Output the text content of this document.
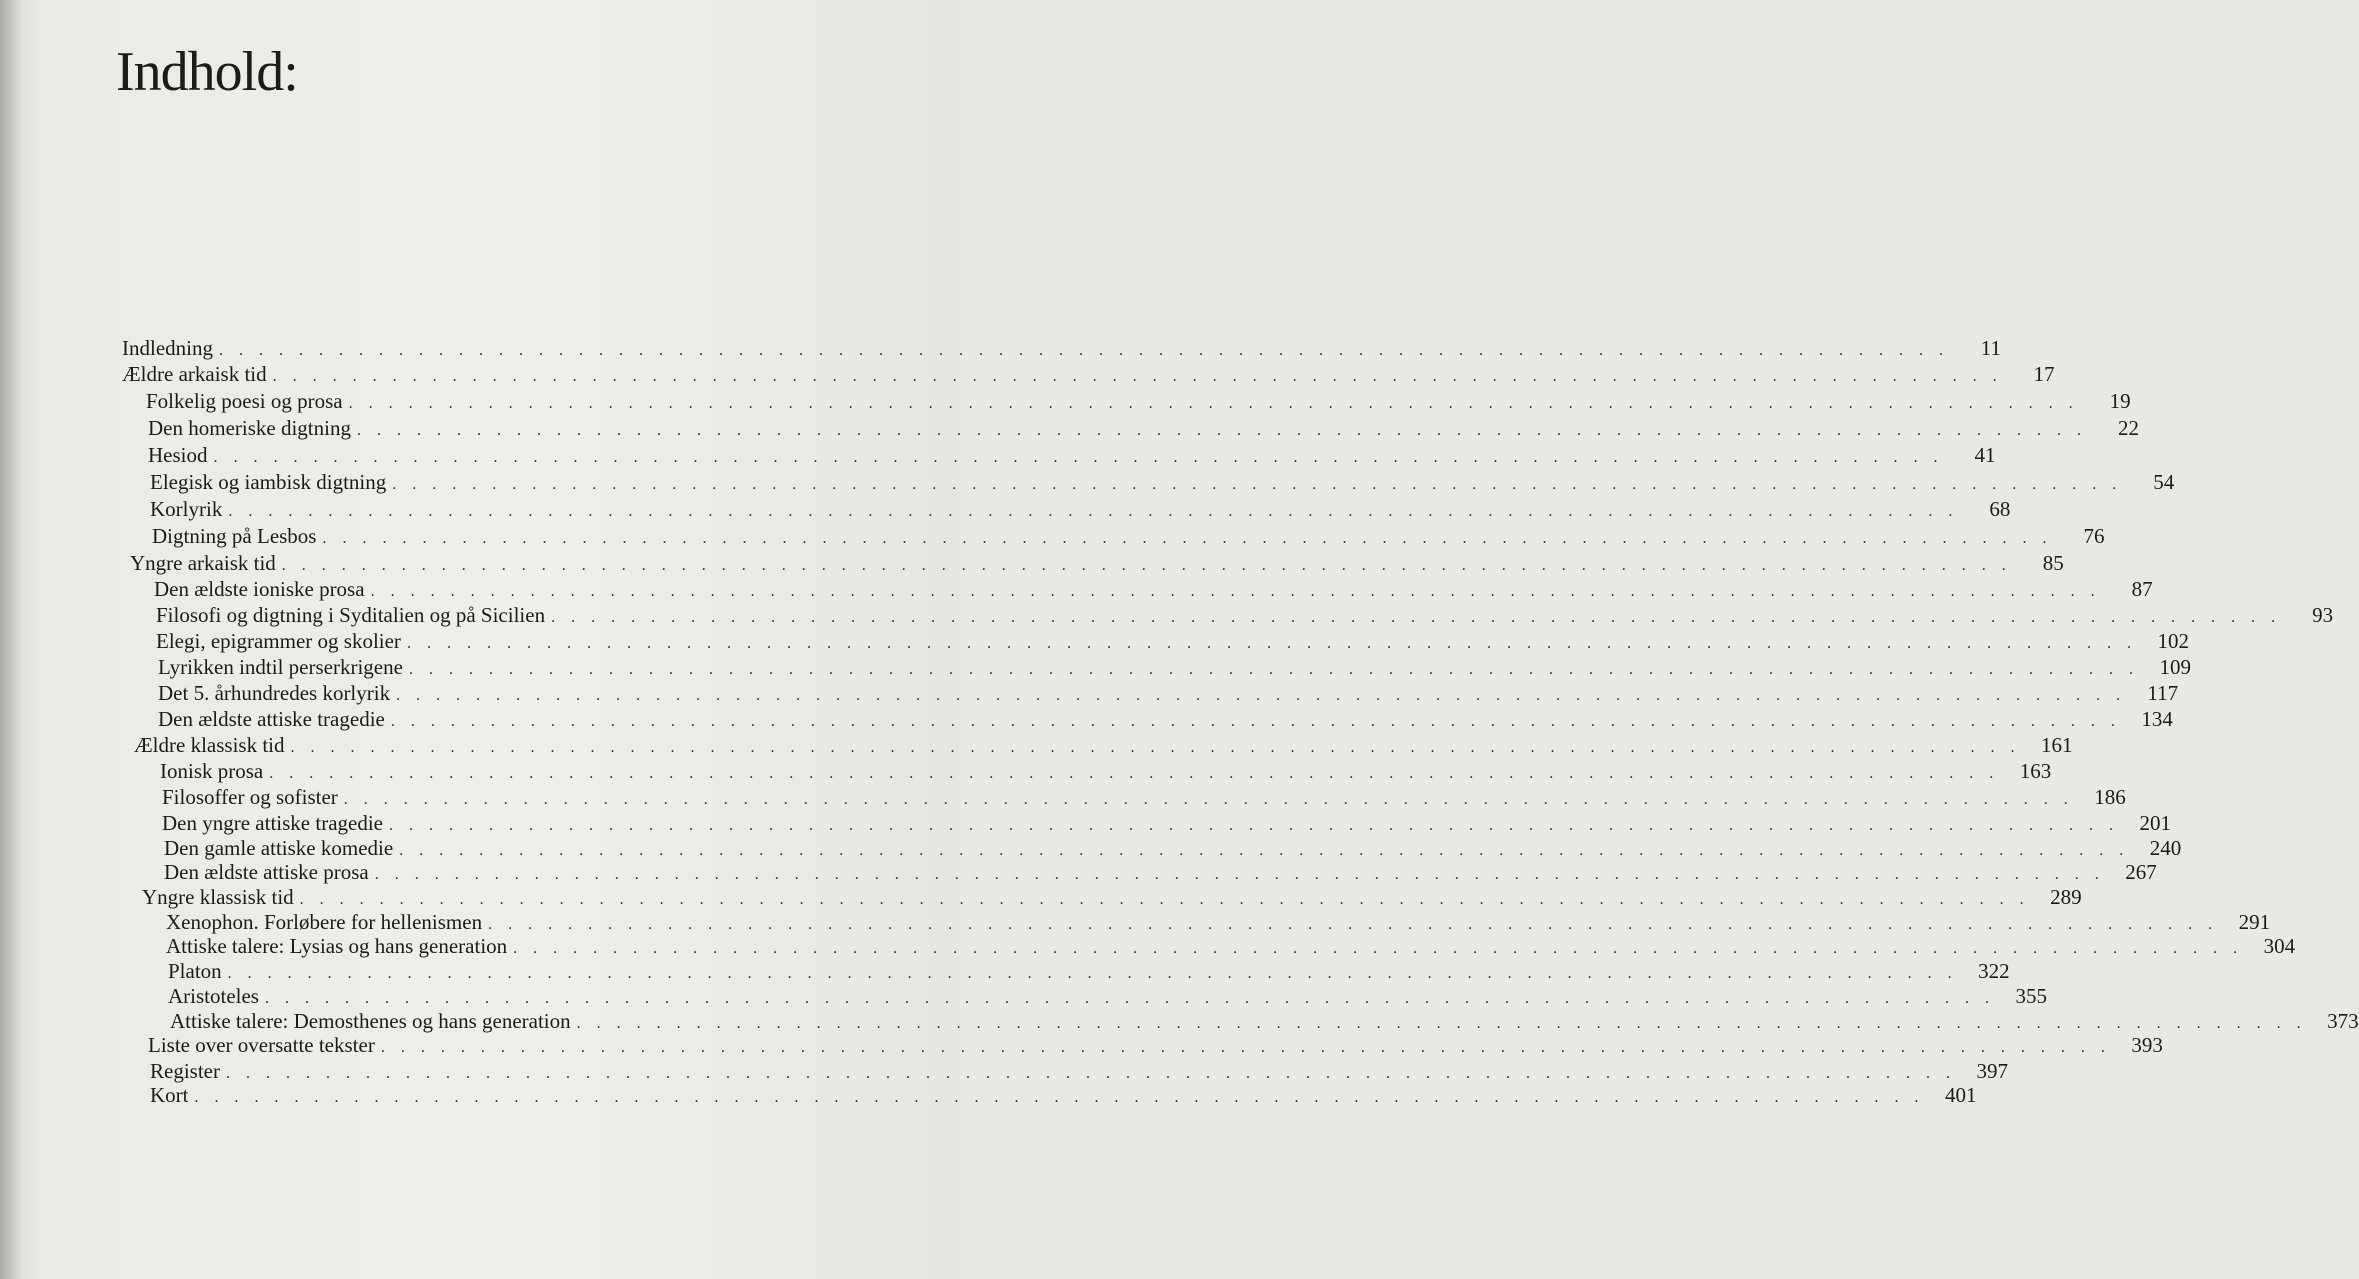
Indhold:
Indledning . . . . . . . . . . . . . . . . . . . . . . . . . . . . . . . . . . . . . . . . . . . . . . . . . . . . . . . . . . . . . . . . . . . . . . . . . . . . . . . . . . . . . . .	11
Ældre arkaisk tid . . . . . . . . . . . . . . . . . . . . . . . . . . . . . . . . . . . . . . . . . . . . . . . . . . . . . . . . . . . . . . . . . . . . . . . . . . . . . . . . . . . . . . .	17
Folkelig poesi og prosa . . . . . . . . . . . . . . . . . . . . . . . . . . . . . . . . . . . . . . . . . . . . . . . . . . . . . . . . . . . . . . . . . . . . . . . . . . . . . . . . . . . . . . .	19
Den homeriske digtning . . . . . . . . . . . . . . . . . . . . . . . . . . . . . . . . . . . . . . . . . . . . . . . . . . . . . . . . . . . . . . . . . . . . . . . . . . . . . . . . . . . . . . .	22
Hesiod . . . . . . . . . . . . . . . . . . . . . . . . . . . . . . . . . . . . . . . . . . . . . . . . . . . . . . . . . . . . . . . . . . . . . . . . . . . . . . . . . . . . . . .	41
Elegisk og iambisk digtning . . . . . . . . . . . . . . . . . . . . . . . . . . . . . . . . . . . . . . . . . . . . . . . . . . . . . . . . . . . . . . . . . . . . . . . . . . . . . . . . . . . . . . .	54
Korlyrik . . . . . . . . . . . . . . . . . . . . . . . . . . . . . . . . . . . . . . . . . . . . . . . . . . . . . . . . . . . . . . . . . . . . . . . . . . . . . . . . . . . . . . .	68
Digtning på Lesbos . . . . . . . . . . . . . . . . . . . . . . . . . . . . . . . . . . . . . . . . . . . . . . . . . . . . . . . . . . . . . . . . . . . . . . . . . . . . . . . . . . . . . . .	76
Yngre arkaisk tid . . . . . . . . . . . . . . . . . . . . . . . . . . . . . . . . . . . . . . . . . . . . . . . . . . . . . . . . . . . . . . . . . . . . . . . . . . . . . . . . . . . . . . .	85
Den ældste ioniske prosa . . . . . . . . . . . . . . . . . . . . . . . . . . . . . . . . . . . . . . . . . . . . . . . . . . . . . . . . . . . . . . . . . . . . . . . . . . . . . . . . . . . . . . .	87
Filosofi og digtning i Syditalien og på Sicilien . . . . . . . . . . . . . . . . . . . . . . . . . . . . . . . . . . . . . . . . . . . . . . . . . . . . . . . . . . . . . . . . . . . . . . . . . . . . . . . . . . . . . . .	93
Elegi, epigrammer og skolier . . . . . . . . . . . . . . . . . . . . . . . . . . . . . . . . . . . . . . . . . . . . . . . . . . . . . . . . . . . . . . . . . . . . . . . . . . . . . . . . . . . . . . . 102
Lyrikken indtil perserkrigene . . . . . . . . . . . . . . . . . . . . . . . . . . . . . . . . . . . . . . . . . . . . . . . . . . . . . . . . . . . . . . . . . . . . . . . . . . . . . . . . . . . . . . . 109
Det 5. århundredes korlyrik . . . . . . . . . . . . . . . . . . . . . . . . . . . . . . . . . . . . . . . . . . . . . . . . . . . . . . . . . . . . . . . . . . . . . . . . . . . . . . . . . . . . . . .	117
Den ældste attiske tragedie . . . . . . . . . . . . . . . . . . . . . . . . . . . . . . . . . . . . . . . . . . . . . . . . . . . . . . . . . . . . . . . . . . . . . . . . . . . . . . . . . . . . . . . 134
Ældre klassisk tid . . . . . . . . . . . . . . . . . . . . . . . . . . . . . . . . . . . . . . . . . . . . . . . . . . . . . . . . . . . . . . . . . . . . . . . . . . . . . . . . . . . . . . . 161
Ionisk prosa . . . . . . . . . . . . . . . . . . . . . . . . . . . . . . . . . . . . . . . . . . . . . . . . . . . . . . . . . . . . . . . . . . . . . . . . . . . . . . . . . . . . . . . 163
Filosoffer og sofister . . . . . . . . . . . . . . . . . . . . . . . . . . . . . . . . . . . . . . . . . . . . . . . . . . . . . . . . . . . . . . . . . . . . . . . . . . . . . . . . . . . . . . . 186
Den yngre attiske tragedie . . . . . . . . . . . . . . . . . . . . . . . . . . . . . . . . . . . . . . . . . . . . . . . . . . . . . . . . . . . . . . . . . . . . . . . . . . . . . . . . . . . . . . . 201
Den gamle attiske komedie . . . . . . . . . . . . . . . . . . . . . . . . . . . . . . . . . . . . . . . . . . . . . . . . . . . . . . . . . . . . . . . . . . . . . . . . . . . . . . . . . . . . . . . 240
Den ældste attiske prosa . . . . . . . . . . . . . . . . . . . . . . . . . . . . . . . . . . . . . . . . . . . . . . . . . . . . . . . . . . . . . . . . . . . . . . . . . . . . . . . . . . . . . . . 267
Yngre klassisk tid . . . . . . . . . . . . . . . . . . . . . . . . . . . . . . . . . . . . . . . . . . . . . . . . . . . . . . . . . . . . . . . . . . . . . . . . . . . . . . . . . . . . . . . 289
Xenophon. Forløbere for hellenismen . . . . . . . . . . . . . . . . . . . . . . . . . . . . . . . . . . . . . . . . . . . . . . . . . . . . . . . . . . . . . . . . . . . . . . . . . . . . . . . . . . . . . . . 291
Attiske talere: Lysias og hans generation . . . . . . . . . . . . . . . . . . . . . . . . . . . . . . . . . . . . . . . . . . . . . . . . . . . . . . . . . . . . . . . . . . . . . . . . . . . . . . . . . . . . . . . 304
Platon . . . . . . . . . . . . . . . . . . . . . . . . . . . . . . . . . . . . . . . . . . . . . . . . . . . . . . . . . . . . . . . . . . . . . . . . . . . . . . . . . . . . . . . 322
Aristoteles . . . . . . . . . . . . . . . . . . . . . . . . . . . . . . . . . . . . . . . . . . . . . . . . . . . . . . . . . . . . . . . . . . . . . . . . . . . . . . . . . . . . . . . 355
Attiske talere: Demosthenes og hans generation . . . . . . . . . . . . . . . . . . . . . . . . . . . . . . . . . . . . . . . . . . . . . . . . . . . . . . . . . . . . . . . . . . . . . . . . . . . . . . . . . . . . . . . 373
Liste over oversatte tekster . . . . . . . . . . . . . . . . . . . . . . . . . . . . . . . . . . . . . . . . . . . . . . . . . . . . . . . . . . . . . . . . . . . . . . . . . . . . . . . . . . . . . . . 393
Register . . . . . . . . . . . . . . . . . . . . . . . . . . . . . . . . . . . . . . . . . . . . . . . . . . . . . . . . . . . . . . . . . . . . . . . . . . . . . . . . . . . . . . . 397
Kort . . . . . . . . . . . . . . . . . . . . . . . . . . . . . . . . . . . . . . . . . . . . . . . . . . . . . . . . . . . . . . . . . . . . . . . . . . . . . . . . . . . . . . . 401
